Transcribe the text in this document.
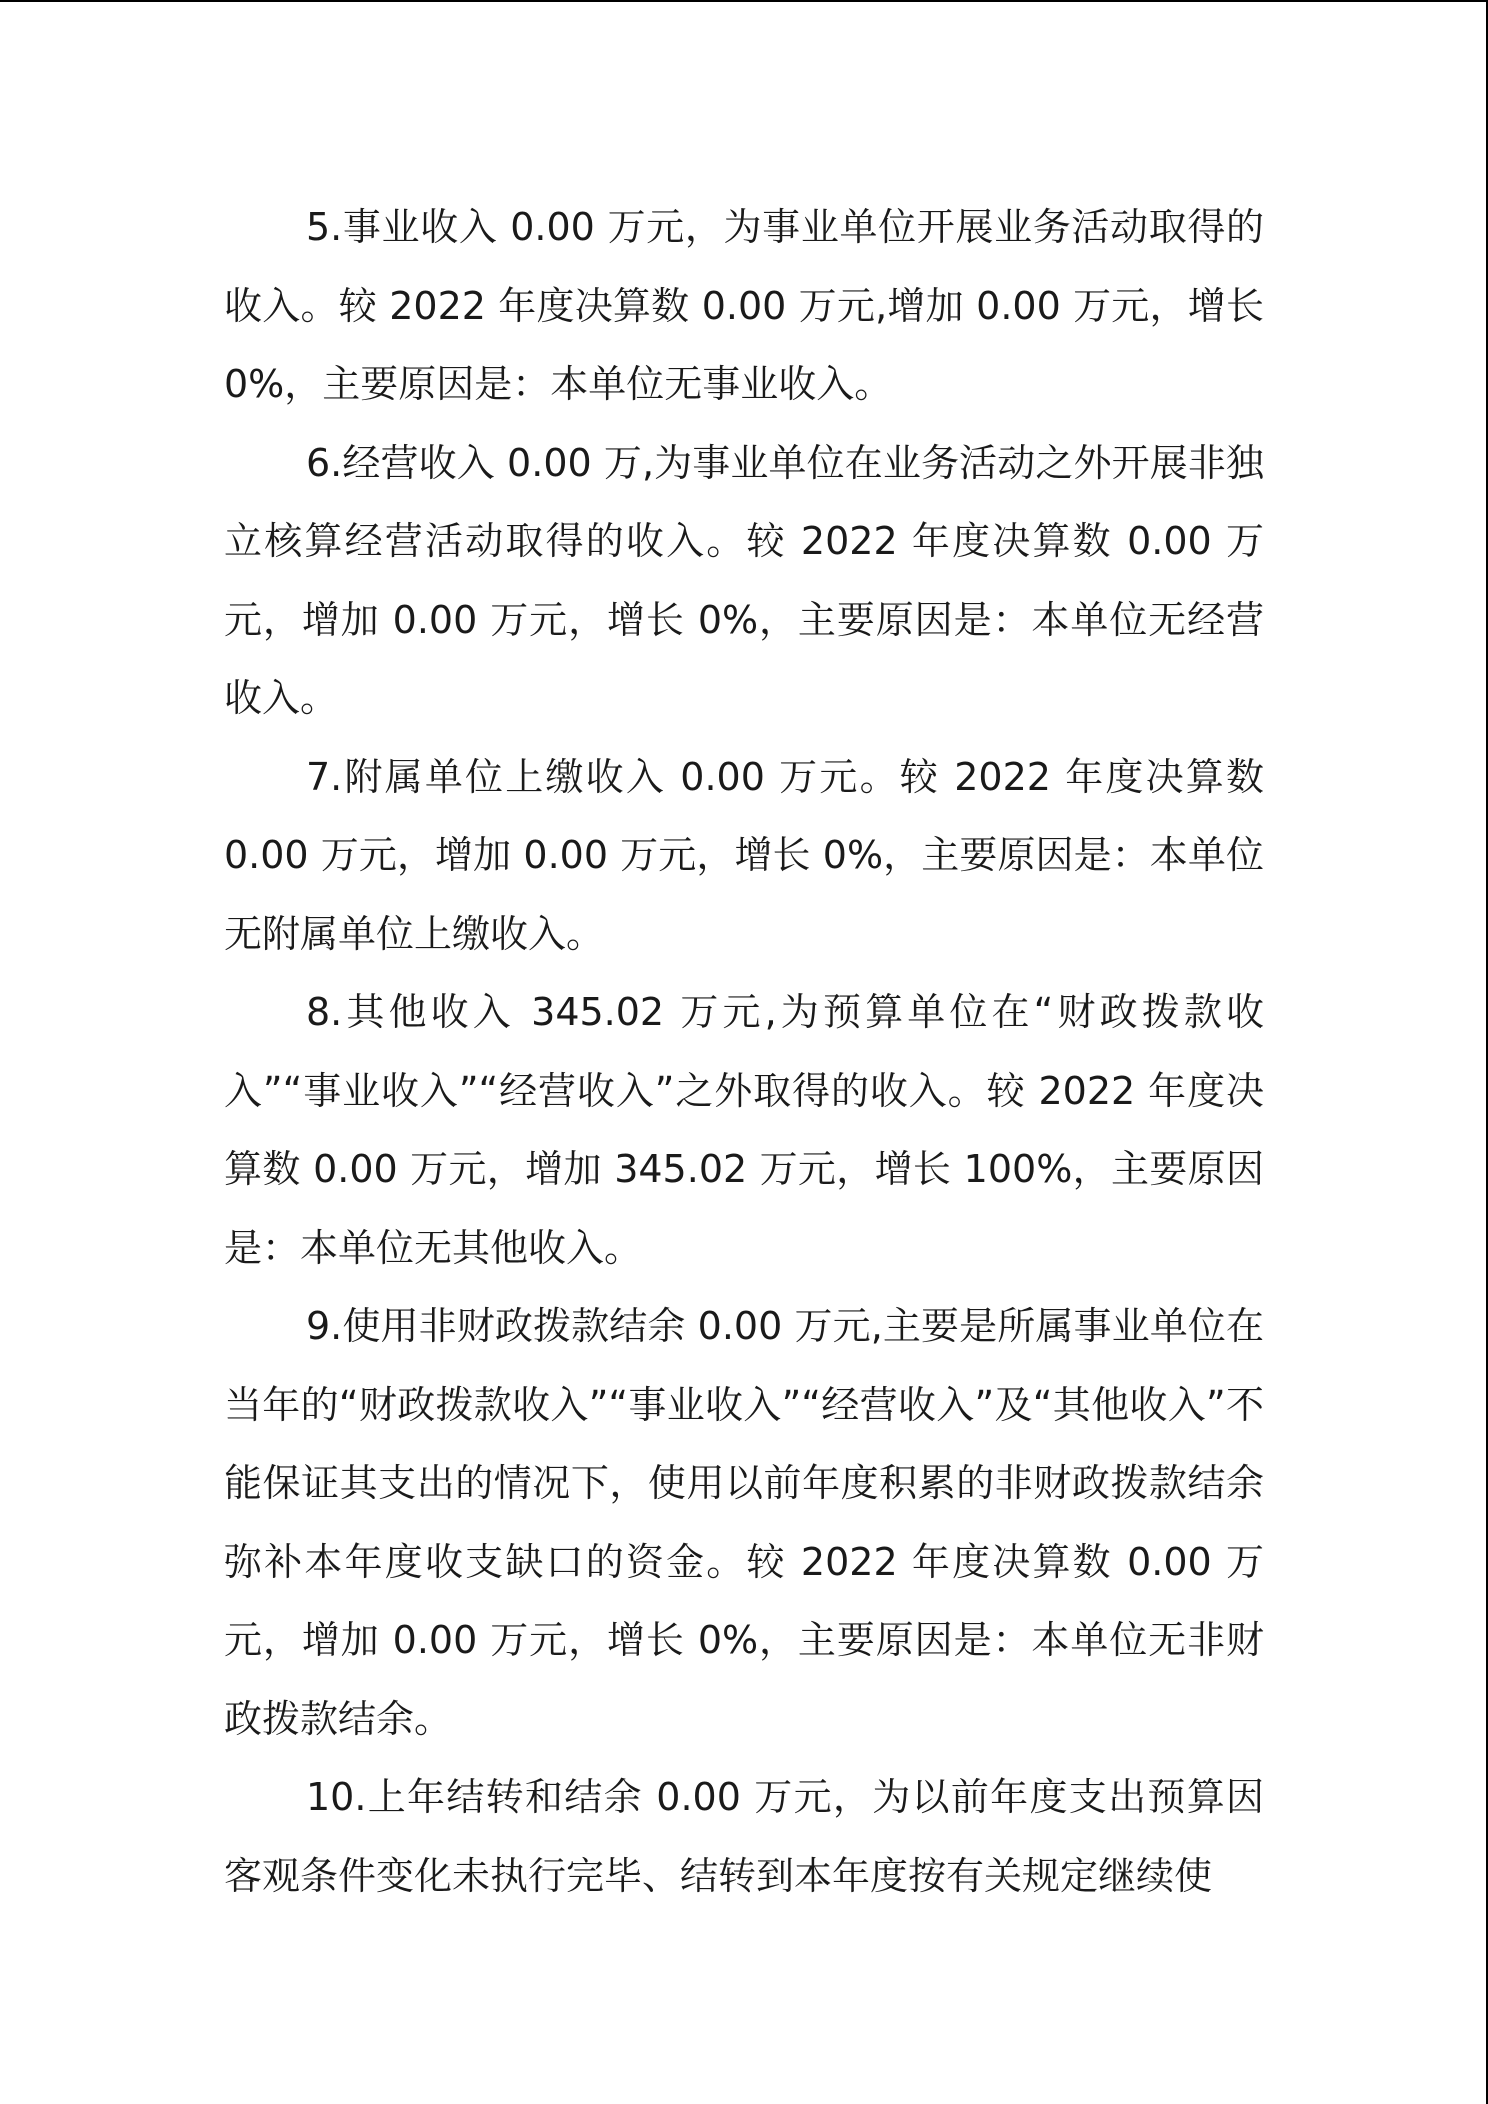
5.事业收入 0.00 万元，为事业单位开展业务活动取得的收入。较 2022 年度决算数 0.00 万元,增加 0.00 万元，增长 0%，主要原因是：本单位无事业收入。

6.经营收入 0.00 万,为事业单位在业务活动之外开展非独立核算经营活动取得的收入。较 2022 年度决算数 0.00 万元，增加 0.00 万元，增长 0%，主要原因是：本单位无经营收入。

7.附属单位上缴收入 0.00 万元。较 2022 年度决算数 0.00 万元，增加 0.00 万元，增长 0%，主要原因是：本单位无附属单位上缴收入。

8.其他收入 345.02 万元,为预算单位在“财政拨款收入”“事业收入”“经营收入”之外取得的收入。较 2022 年度决算数 0.00 万元，增加 345.02 万元，增长 100%，主要原因是：本单位无其他收入。

9.使用非财政拨款结余 0.00 万元,主要是所属事业单位在当年的“财政拨款收入”“事业收入”“经营收入”及“其他收入”不能保证其支出的情况下，使用以前年度积累的非财政拨款结余弥补本年度收支缺口的资金。较 2022 年度决算数 0.00 万元，增加 0.00 万元，增长 0%，主要原因是：本单位无非财政拨款结余。

10.上年结转和结余 0.00 万元，为以前年度支出预算因客观条件变化未执行完毕、结转到本年度按有关规定继续使
